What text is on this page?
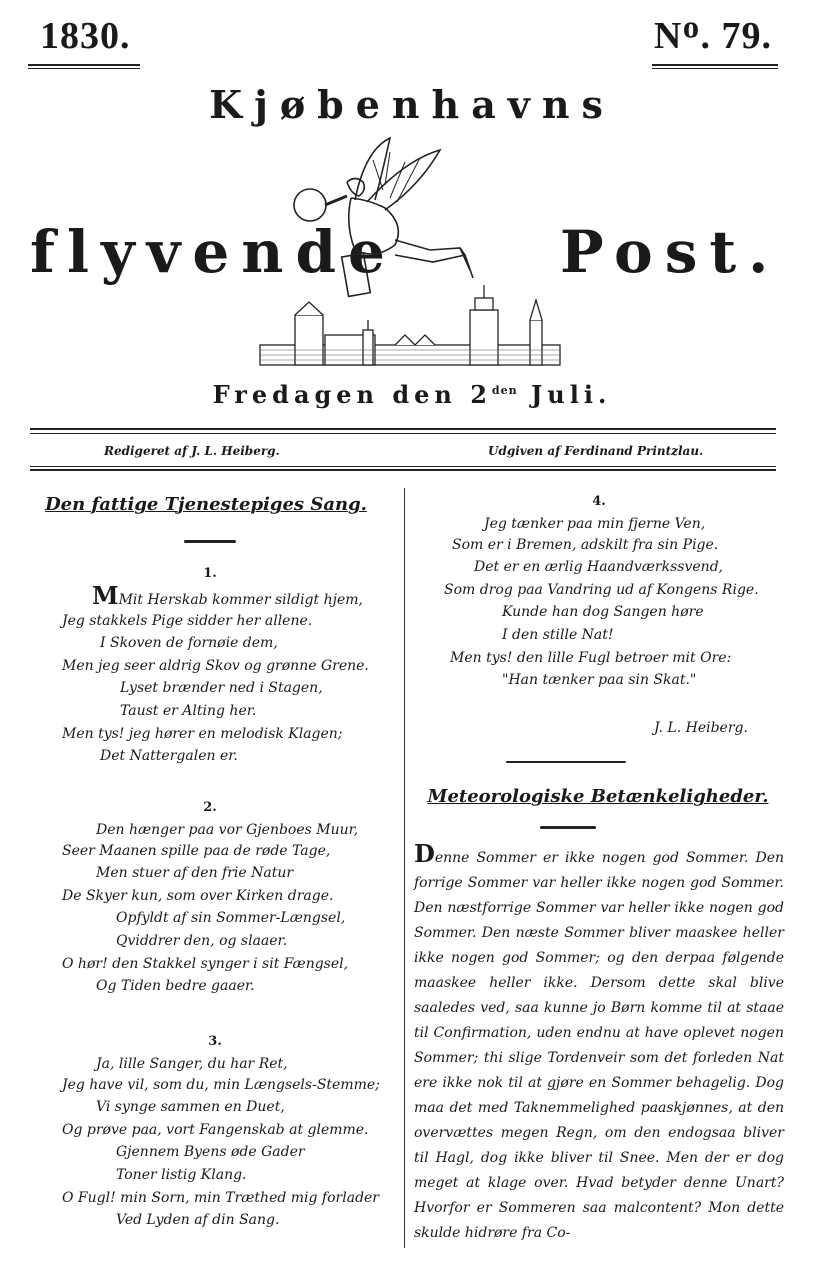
1830.	Nᴼ. 79.
Kjøbenhavns
flyvende	Post.
Fredagen den $2^{den}$ Juli.
Redigeret af J. L. Heiberg.	Udgiven af Ferdinand Printzlau.
Den fattige Tjenestepiges Sang.
1.
MMit Herskab kommer sildigt hjem,
Jeg stakkels Pige sidder her allene.
I Skoven de fornøie dem,
Men jeg seer aldrig Skov og grønne Grene.
Lyset brænder ned i Stagen,
Taust er Alting her.
Men tys! jeg hører en melodisk Klagen;
Det Nattergalen er.
2.
Den hænger paa vor Gjenboes Muur,
Seer Maanen spille paa de røde Tage,
Men stuer af den frie Natur
De Skyer kun, som over Kirken drage.
Opfyldt af sin Sommer-Længsel,
Qviddrer den, og slaaer.
O hør! den Stakkel synger i sit Fængsel,
Og Tiden bedre gaaer.
3.
Ja, lille Sanger, du har Ret,
Jeg have vil, som du, min Længsels-Stemme;
Vi synge sammen en Duet,
Og prøve paa, vort Fangenskab at glemme.
Gjennem Byens øde Gader
Toner listig Klang.
O Fugl! min Sorn, min Træthed mig forlader
Ved Lyden af din Sang.
4.
Jeg tænker paa min fjerne Ven,
Som er i Bremen, adskilt fra sin Pige.
Det er en ærlig Haandværkssvend,
Som drog paa Vandring ud af Kongens Rige.
Kunde han dog Sangen høre
I den stille Nat!
Men tys! den lille Fugl betroer mit Ore:
"Han tænker paa sin Skat."
J. L. Heiberg.
Meteorologiske Betænkeligheder.
Denne Sommer er ikke nogen god Sommer. Den forrige Sommer var heller ikke nogen god Sommer. Den næstforrige Sommer var heller ikke nogen god Sommer. Den næste Sommer bliver maaskee heller ikke nogen god Sommer; og den derpaa følgende maaskee heller ikke. Dersom dette skal blive saaledes ved, saa kunne jo Børn komme til at staae til Confirmation, uden endnu at have oplevet nogen Sommer; thi slige Tordenveir som det forleden Nat ere ikke nok til at gjøre en Sommer behagelig. Dog maa det med Taknemmelighed paaskjønnes, at den overvættes megen Regn, om den endogsaa bliver til Hagl, dog ikke bliver til Snee. Men der er dog meget at klage over. Hvad betyder denne Unart? Hvorfor er Sommeren saa malcontent? Mon dette skulde hidrøre fra Co-
